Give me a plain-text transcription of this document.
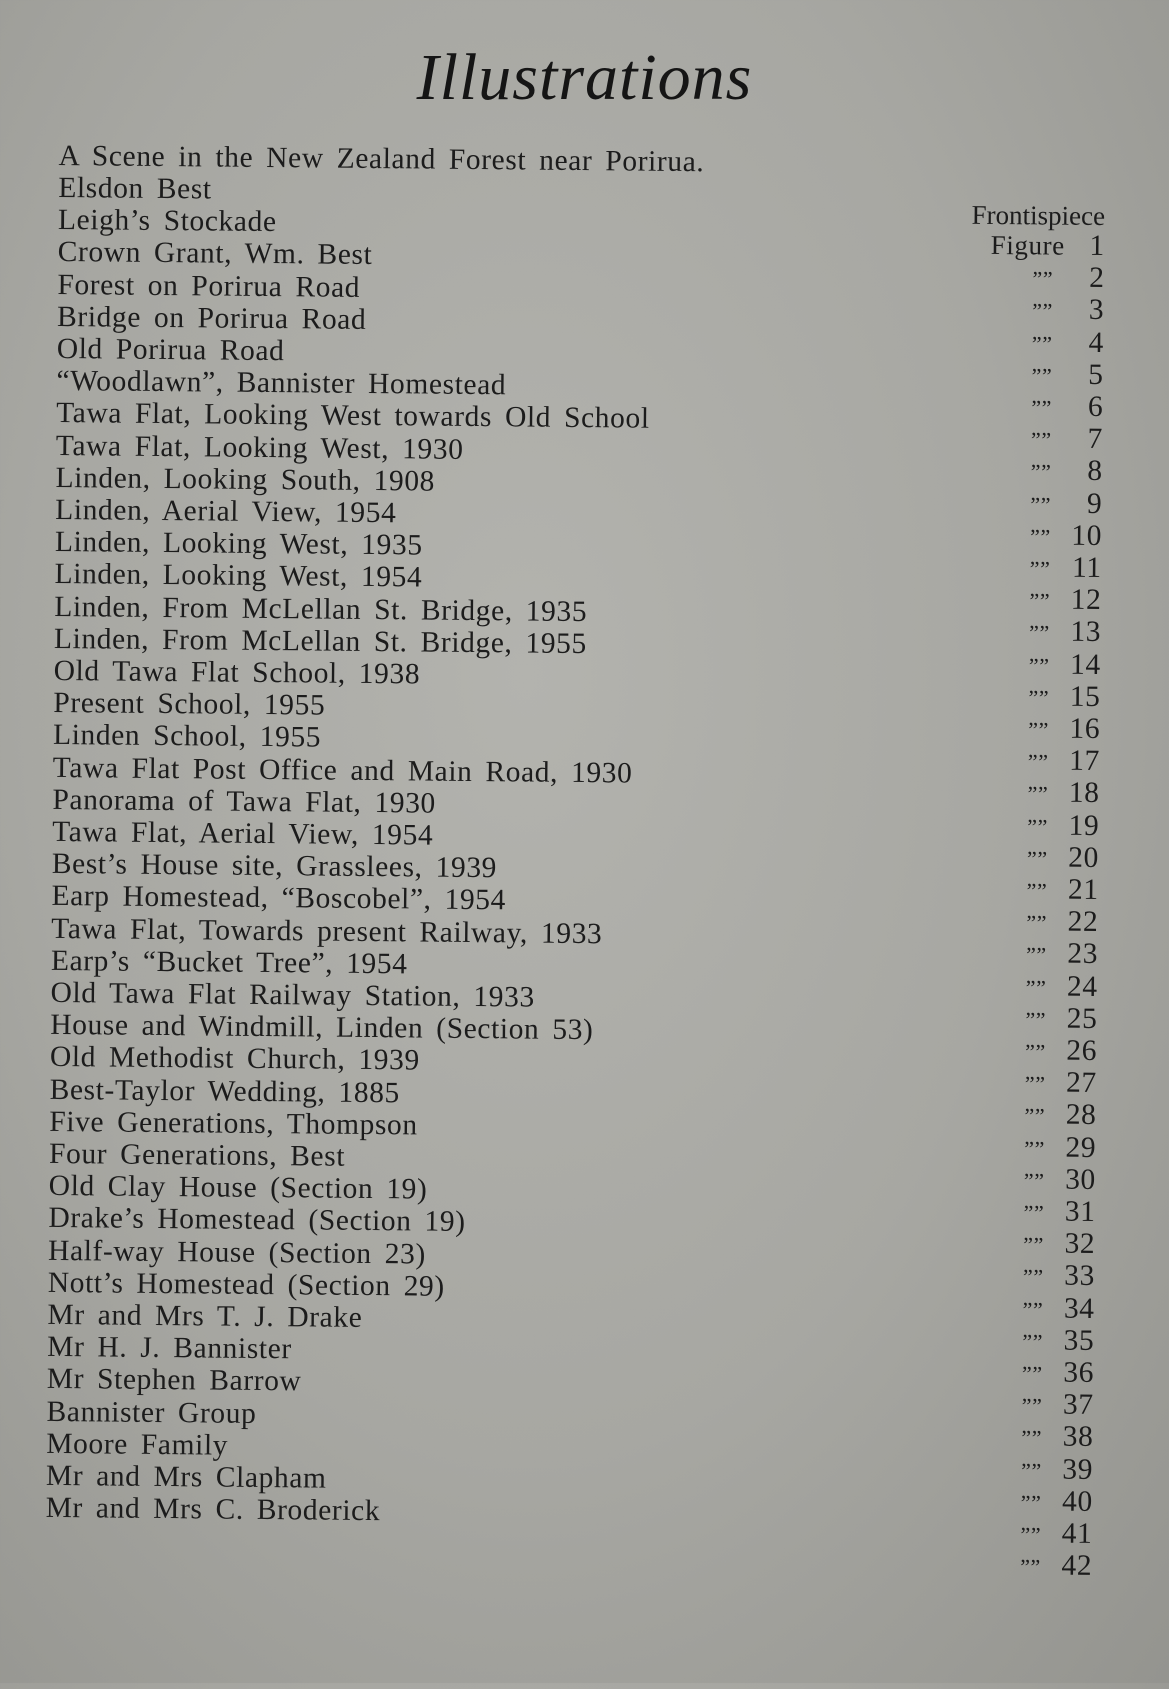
Illustrations
A Scene in the New Zealand Forest near Porirua.
Frontispiece
Elsdon Best
Figure 1
Leigh’s Stockade
”” 2
Crown Grant, Wm. Best
”” 3
Forest on Porirua Road
”” 4
Bridge on Porirua Road
”” 5
Old Porirua Road
”” 6
“Woodlawn”, Bannister Homestead
”” 7
Tawa Flat, Looking West towards Old School
”” 8
Tawa Flat, Looking West, 1930
”” 9
Linden, Looking South, 1908
”” 10
Linden, Aerial View, 1954
”” 11
Linden, Looking West, 1935
”” 12
Linden, Looking West, 1954
”” 13
Linden, From McLellan St. Bridge, 1935
”” 14
Linden, From McLellan St. Bridge, 1955
”” 15
Old Tawa Flat School, 1938
”” 16
Present School, 1955
”” 17
Linden School, 1955
”” 18
Tawa Flat Post Office and Main Road, 1930
”” 19
Panorama of Tawa Flat, 1930
”” 20
Tawa Flat, Aerial View, 1954
”” 21
Best’s House site, Grasslees, 1939
”” 22
Earp Homestead, “Boscobel”, 1954
”” 23
Tawa Flat, Towards present Railway, 1933
”” 24
Earp’s “Bucket Tree”, 1954
”” 25
Old Tawa Flat Railway Station, 1933
”” 26
House and Windmill, Linden (Section 53)
”” 27
Old Methodist Church, 1939
”” 28
Best-Taylor Wedding, 1885
”” 29
Five Generations, Thompson
”” 30
Four Generations, Best
”” 31
Old Clay House (Section 19)
”” 32
Drake’s Homestead (Section 19)
”” 33
Half-way House (Section 23)
”” 34
Nott’s Homestead (Section 29)
”” 35
Mr and Mrs T. J. Drake
”” 36
Mr H. J. Bannister
”” 37
Mr Stephen Barrow
”” 38
Bannister Group
”” 39
Moore Family
”” 40
Mr and Mrs Clapham
”” 41
Mr and Mrs C. Broderick
”” 42
